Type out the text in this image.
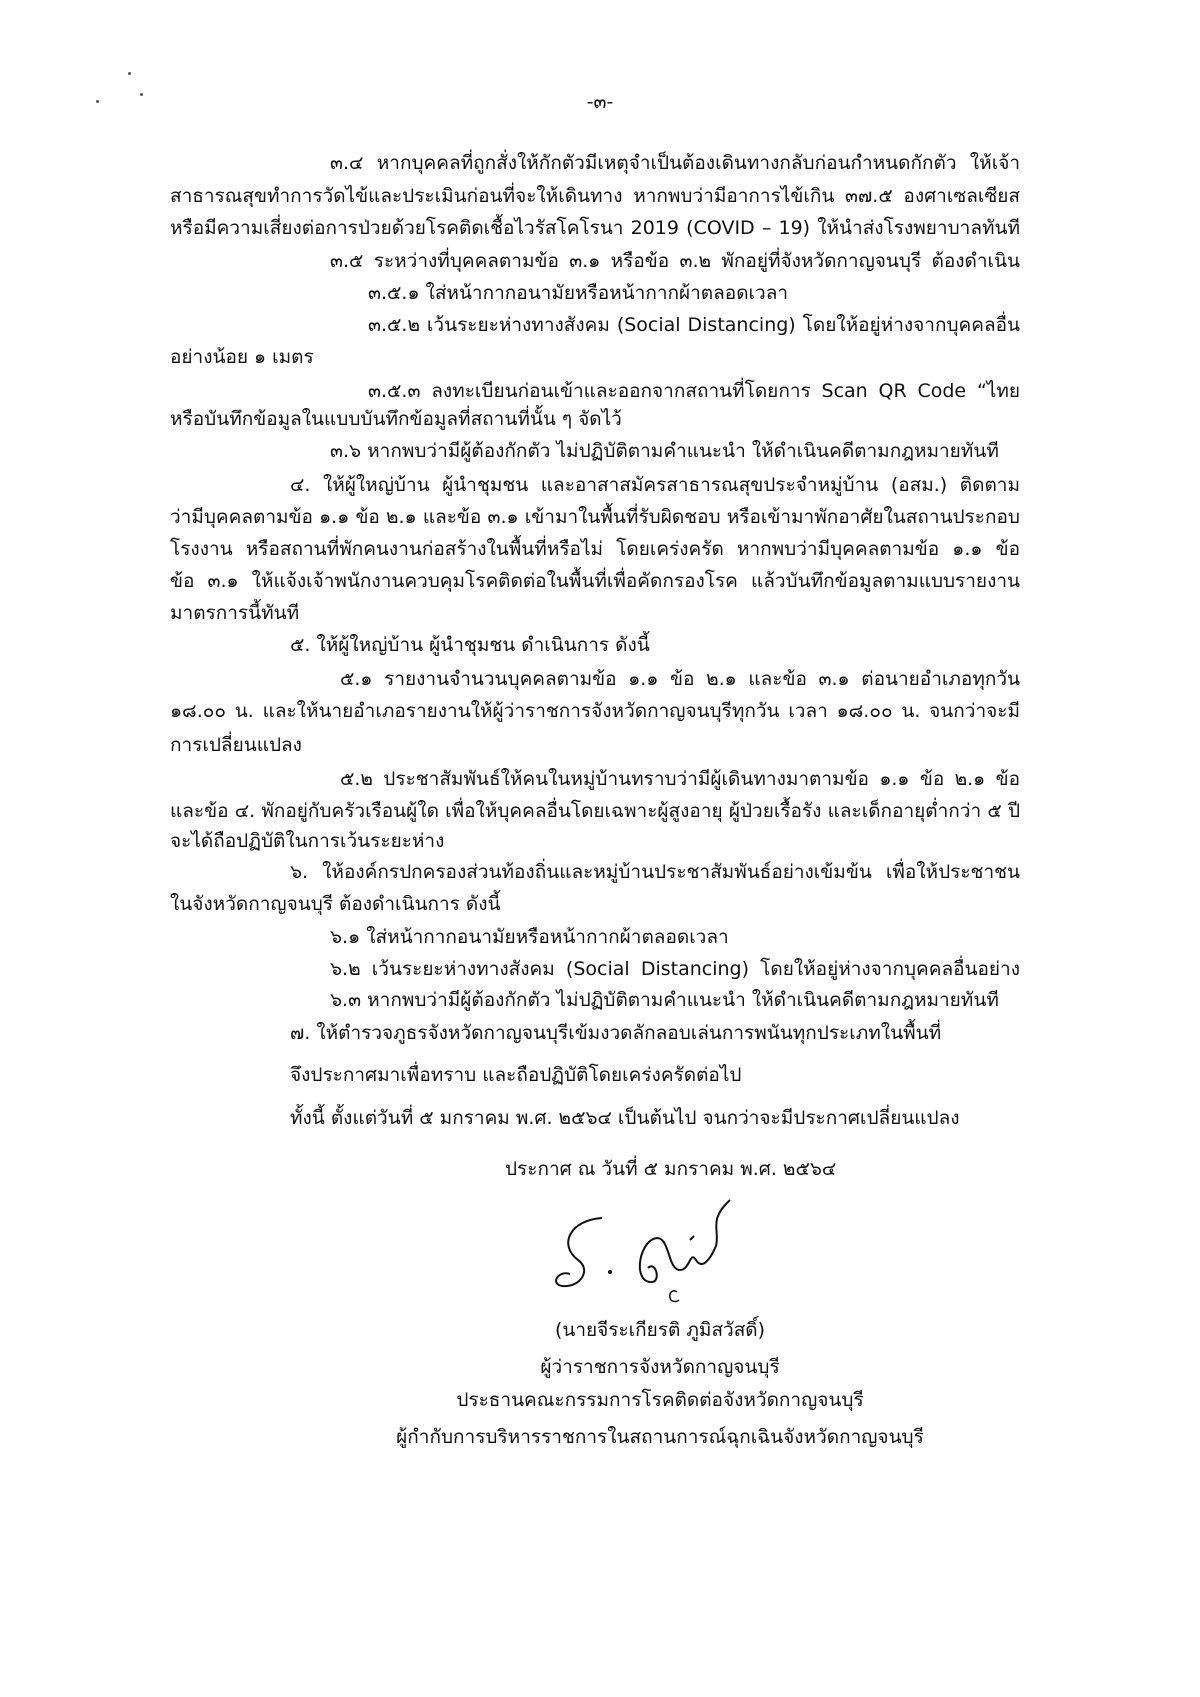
-๓-
๓.๔ หากบุคคลที่ถูกสั่งให้กักตัวมีเหตุจำเป็นต้องเดินทางกลับก่อนกำหนดกักตัว ให้เจ้า
สาธารณสุขทำการวัดไข้และประเมินก่อนที่จะให้เดินทาง หากพบว่ามีอาการไข้เกิน ๓๗.๕ องศาเซลเซียส
หรือมีความเสี่ยงต่อการป่วยด้วยโรคติดเชื้อไวรัสโคโรนา 2019 (COVID – 19) ให้นำส่งโรงพยาบาลทันที
๓.๕ ระหว่างที่บุคคลตามข้อ ๓.๑ หรือข้อ ๓.๒ พักอยู่ที่จังหวัดกาญจนบุรี ต้องดำเนิน
๓.๕.๑ ใส่หน้ากากอนามัยหรือหน้ากากผ้าตลอดเวลา
๓.๕.๒ เว้นระยะห่างทางสังคม (Social Distancing) โดยให้อยู่ห่างจากบุคคลอื่น
อย่างน้อย ๑ เมตร
๓.๕.๓ ลงทะเบียนก่อนเข้าและออกจากสถานที่โดยการ Scan QR Code “ไทย
หรือบันทึกข้อมูลในแบบบันทึกข้อมูลที่สถานที่นั้น ๆ จัดไว้
๓.๖ หากพบว่ามีผู้ต้องกักตัว ไม่ปฏิบัติตามคำแนะนำ ให้ดำเนินคดีตามกฎหมายทันที
๔. ให้ผู้ใหญ่บ้าน ผู้นำชุมชน และอาสาสมัครสาธารณสุขประจำหมู่บ้าน (อสม.) ติดตาม
ว่ามีบุคคลตามข้อ ๑.๑ ข้อ ๒.๑ และข้อ ๓.๑ เข้ามาในพื้นที่รับผิดชอบ หรือเข้ามาพักอาศัยในสถานประกอบ
โรงงาน หรือสถานที่พักคนงานก่อสร้างในพื้นที่หรือไม่ โดยเคร่งครัด หากพบว่ามีบุคคลตามข้อ ๑.๑ ข้อ
ข้อ ๓.๑ ให้แจ้งเจ้าพนักงานควบคุมโรคติดต่อในพื้นที่เพื่อคัดกรองโรค แล้วบันทึกข้อมูลตามแบบรายงาน
มาตรการนี้ทันที
๕. ให้ผู้ใหญ่บ้าน ผู้นำชุมชน ดำเนินการ ดังนี้
๕.๑ รายงานจำนวนบุคคลตามข้อ ๑.๑ ข้อ ๒.๑ และข้อ ๓.๑ ต่อนายอำเภอทุกวัน
๑๘.๐๐ น. และให้นายอำเภอรายงานให้ผู้ว่าราชการจังหวัดกาญจนบุรีทุกวัน เวลา ๑๘.๐๐ น. จนกว่าจะมี
การเปลี่ยนแปลง
๕.๒ ประชาสัมพันธ์ให้คนในหมู่บ้านทราบว่ามีผู้เดินทางมาตามข้อ ๑.๑ ข้อ ๒.๑ ข้อ
และข้อ ๔. พักอยู่กับครัวเรือนผู้ใด เพื่อให้บุคคลอื่นโดยเฉพาะผู้สูงอายุ ผู้ป่วยเรื้อรัง และเด็กอายุต่ำกว่า ๕ ปี
จะได้ถือปฏิบัติในการเว้นระยะห่าง
๖. ให้องค์กรปกครองส่วนท้องถิ่นและหมู่บ้านประชาสัมพันธ์อย่างเข้มข้น เพื่อให้ประชาชน
ในจังหวัดกาญจนบุรี ต้องดำเนินการ ดังนี้
๖.๑ ใส่หน้ากากอนามัยหรือหน้ากากผ้าตลอดเวลา
๖.๒ เว้นระยะห่างทางสังคม (Social Distancing) โดยให้อยู่ห่างจากบุคคลอื่นอย่าง
๖.๓ หากพบว่ามีผู้ต้องกักตัว ไม่ปฏิบัติตามคำแนะนำ ให้ดำเนินคดีตามกฎหมายทันที
๗. ให้ตำรวจภูธรจังหวัดกาญจนบุรีเข้มงวดลักลอบเล่นการพนันทุกประเภทในพื้นที่
จึงประกาศมาเพื่อทราบ และถือปฏิบัติโดยเคร่งครัดต่อไป
ทั้งนี้ ตั้งแต่วันที่ ๕ มกราคม พ.ศ. ๒๕๖๔ เป็นต้นไป จนกว่าจะมีประกาศเปลี่ยนแปลง
ประกาศ ณ วันที่ ๕ มกราคม พ.ศ. ๒๕๖๔
(นายจีระเกียรติ ภูมิสวัสดิ์)
ผู้ว่าราชการจังหวัดกาญจนบุรี
ประธานคณะกรรมการโรคติดต่อจังหวัดกาญจนบุรี
ผู้กำกับการบริหารราชการในสถานการณ์ฉุกเฉินจังหวัดกาญจนบุรี
